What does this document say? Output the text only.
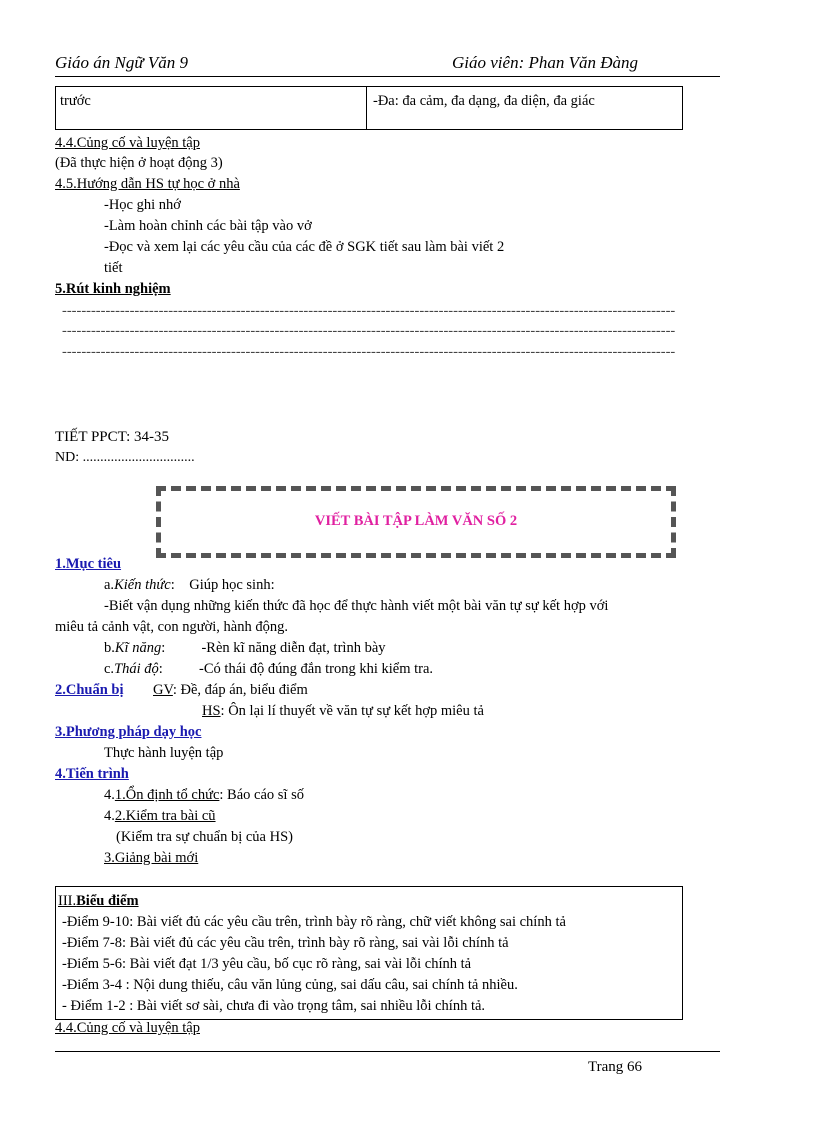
Giáo án Ngữ Văn 9	Giáo viên: Phan Văn Đàng
trước	-Đa: đa cảm, đa dạng, đa diện, đa giác
4.4.Củng cố và luyện tập
(Đã thực hiện ở hoạt động 3)
4.5.Hướng dẫn HS tự học ở nhà
-Học ghi nhớ
-Làm hoàn chỉnh các bài tập vào vở
-Đọc và xem lại các yêu cầu của các đề ở SGK tiết sau làm bài viết 2
tiết
5.Rút kinh nghiệm
-------------------------------------------------------------------------------------------------------------------------------
-------------------------------------------------------------------------------------------------------------------------------
-------------------------------------------------------------------------------------------------------------------------------
TIẾT PPCT: 34-35
ND: ................................
VIẾT BÀI TẬP LÀM VĂN SỐ 2
1.Mục tiêu
a.Kiến thức:    Giúp học sinh:
-Biết vận dụng những kiến thức đã học để thực hành viết một bài văn tự sự kết hợp với
miêu tả cảnh vật, con người, hành động.
b.Kĩ năng:          -Rèn kĩ năng diễn đạt, trình bày
c.Thái độ:          -Có thái độ đúng đắn trong khi kiểm tra.
2.Chuẩn bị GV: Đề, đáp án, biểu điểm
HS: Ôn lại lí thuyết về văn tự sự kết hợp miêu tả
3.Phương pháp dạy học
Thực hành luyện tập
4.Tiến trình
4.1.Ổn định tổ chức: Báo cáo sĩ số
4.2.Kiểm tra bài cũ
(Kiểm tra sự chuẩn bị của HS)
3.Giảng bài mới
III.Biểu điểm
-Điểm 9-10: Bài viết đủ các yêu cầu trên, trình bày rõ ràng, chữ viết không sai chính tả
-Điểm 7-8: Bài viết đủ các yêu cầu trên, trình bày rõ ràng, sai vài lỗi chính tả
-Điểm 5-6: Bài viết đạt 1/3 yêu cầu, bố cục rõ ràng, sai vài lỗi chính tả
-Điểm 3-4 : Nội dung thiếu, câu văn lủng củng, sai dấu câu, sai chính tả nhiều.
- Điểm 1-2 : Bài viết sơ sài, chưa đi vào trọng tâm, sai nhiều lỗi chính tả.
4.4.Củng cố và luyện tập
Trang 66
